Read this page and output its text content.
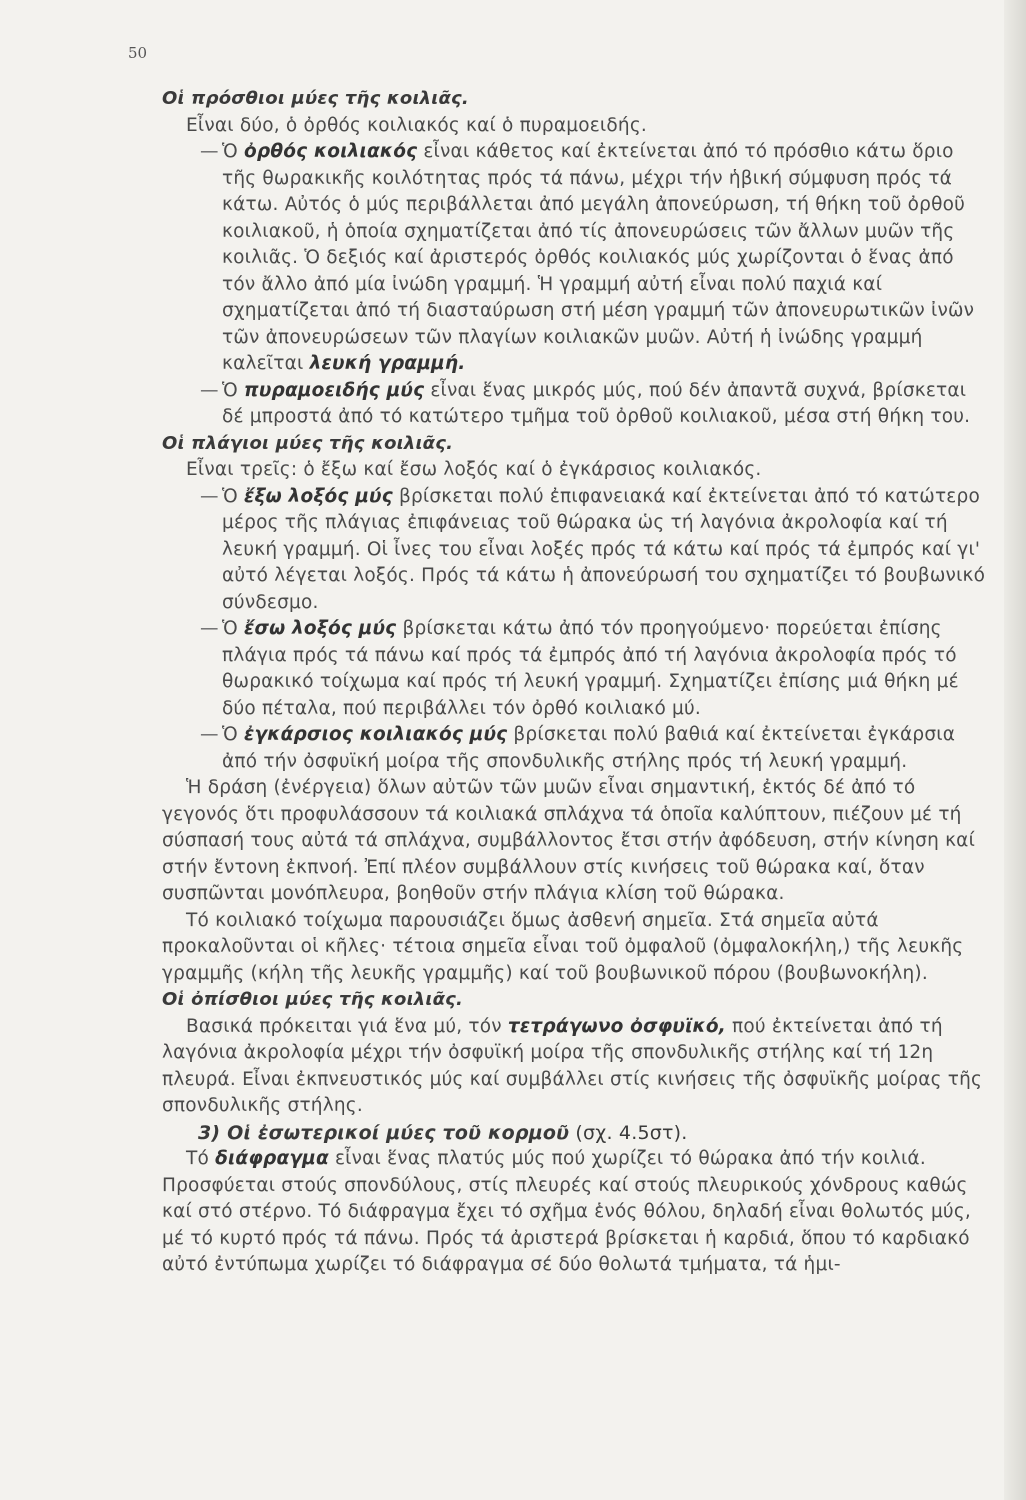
50

Οἱ πρόσθιοι μύες τῆς κοιλιᾶς.

Εἶναι δύο, ὁ ὀρθός κοιλιακός καί ὁ πυραμοειδής.

— Ὁ ὀρθός κοιλιακός εἶναι κάθετος καί ἐκτείνεται ἀπό τό πρόσθιο κάτω ὅριο τῆς θωρακικῆς κοιλότητας πρός τά πάνω, μέχρι τήν ἡβική σύμφυση πρός τά κάτω. Αὐτός ὁ μύς περιβάλλεται ἀπό μεγάλη ἀπονεύρωση, τή θήκη τοῦ ὀρθοῦ κοιλιακοῦ, ἡ ὁποία σχηματίζεται ἀπό τίς ἀπονευρώσεις τῶν ἄλλων μυῶν τῆς κοιλιᾶς. Ὁ δεξιός καί ἀριστερός ὀρθός κοιλιακός μύς χωρίζονται ὁ ἕνας ἀπό τόν ἄλλο ἀπό μία ἰνώδη γραμμή. Ἡ γραμμή αὐτή εἶναι πολύ παχιά καί σχηματίζεται ἀπό τή διασταύρωση στή μέση γραμμή τῶν ἀπονευρωτικῶν ἰνῶν τῶν ἀπονευρώσεων τῶν πλαγίων κοιλιακῶν μυῶν. Αὐτή ἡ ἰνώδης γραμμή καλεῖται λευκή γραμμή.

— Ὁ πυραμοειδής μύς εἶναι ἕνας μικρός μύς, πού δέν ἀπαντᾶ συχνά, βρίσκεται δέ μπροστά ἀπό τό κατώτερο τμῆμα τοῦ ὀρθοῦ κοιλιακοῦ, μέσα στή θήκη του.

Οἱ πλάγιοι μύες τῆς κοιλιᾶς.

Εἶναι τρεῖς: ὁ ἔξω καί ἔσω λοξός καί ὁ ἐγκάρσιος κοιλιακός.

— Ὁ ἔξω λοξός μύς βρίσκεται πολύ ἐπιφανειακά καί ἐκτείνεται ἀπό τό κατώτερο μέρος τῆς πλάγιας ἐπιφάνειας τοῦ θώρακα ὡς τή λαγόνια ἀκρολοφία καί τή λευκή γραμμή. Οἱ ἶνες του εἶναι λοξές πρός τά κάτω καί πρός τά ἐμπρός καί γι' αὐτό λέγεται λοξός. Πρός τά κάτω ἡ ἀπονεύρωσή του σχηματίζει τό βουβωνικό σύνδεσμο.

— Ὁ ἔσω λοξός μύς βρίσκεται κάτω ἀπό τόν προηγούμενο· πορεύεται ἐπίσης πλάγια πρός τά πάνω καί πρός τά ἐμπρός ἀπό τή λαγόνια ἀκρολοφία πρός τό θωρακικό τοίχωμα καί πρός τή λευκή γραμμή. Σχηματίζει ἐπίσης μιά θήκη μέ δύο πέταλα, πού περιβάλλει τόν ὀρθό κοιλιακό μύ.

— Ὁ ἐγκάρσιος κοιλιακός μύς βρίσκεται πολύ βαθιά καί ἐκτείνεται ἐγκάρσια ἀπό τήν ὀσφυϊκή μοίρα τῆς σπονδυλικῆς στήλης πρός τή λευκή γραμμή.

Ἡ δράση (ἐνέργεια) ὅλων αὐτῶν τῶν μυῶν εἶναι σημαντική, ἐκτός δέ ἀπό τό γεγονός ὅτι προφυλάσσουν τά κοιλιακά σπλάχνα τά ὁποῖα καλύπτουν, πιέζουν μέ τή σύσπασή τους αὐτά τά σπλάχνα, συμβάλλοντος ἔτσι στήν ἀφόδευση, στήν κίνηση καί στήν ἔντονη ἐκπνοή. Ἐπί πλέον συμβάλλουν στίς κινήσεις τοῦ θώρακα καί, ὅταν συσπῶνται μονόπλευρα, βοηθοῦν στήν πλάγια κλίση τοῦ θώρακα.

Τό κοιλιακό τοίχωμα παρουσιάζει ὅμως ἀσθενή σημεῖα. Στά σημεῖα αὐτά προκαλοῦνται οἱ κῆλες· τέτοια σημεῖα εἶναι τοῦ ὀμφαλοῦ (ὀμφαλοκήλη,) τῆς λευκῆς γραμμῆς (κήλη τῆς λευκῆς γραμμῆς) καί τοῦ βουβωνικοῦ πόρου (βουβωνοκήλη).

Οἱ ὀπίσθιοι μύες τῆς κοιλιᾶς.

Βασικά πρόκειται γιά ἕνα μύ, τόν τετράγωνο ὀσφυϊκό, πού ἐκτείνεται ἀπό τή λαγόνια ἀκρολοφία μέχρι τήν ὀσφυϊκή μοίρα τῆς σπονδυλικῆς στήλης καί τή 12η πλευρά. Εἶναι ἐκπνευστικός μύς καί συμβάλλει στίς κινήσεις τῆς ὀσφυϊκῆς μοίρας τῆς σπονδυλικῆς στήλης.

3) Οἱ ἐσωτερικοί μύες τοῦ κορμοῦ (σχ. 4.5στ).

Τό διάφραγμα εἶναι ἕνας πλατύς μύς πού χωρίζει τό θώρακα ἀπό τήν κοιλιά. Προσφύεται στούς σπονδύλους, στίς πλευρές καί στούς πλευρικούς χόνδρους καθώς καί στό στέρνο. Τό διάφραγμα ἔχει τό σχῆμα ἑνός θόλου, δηλαδή εἶναι θολωτός μύς, μέ τό κυρτό πρός τά πάνω. Πρός τά ἀριστερά βρίσκεται ἡ καρδιά, ὅπου τό καρδιακό αὐτό ἐντύπωμα χωρίζει τό διάφραγμα σέ δύο θολωτά τμήματα, τά ἡμι-
